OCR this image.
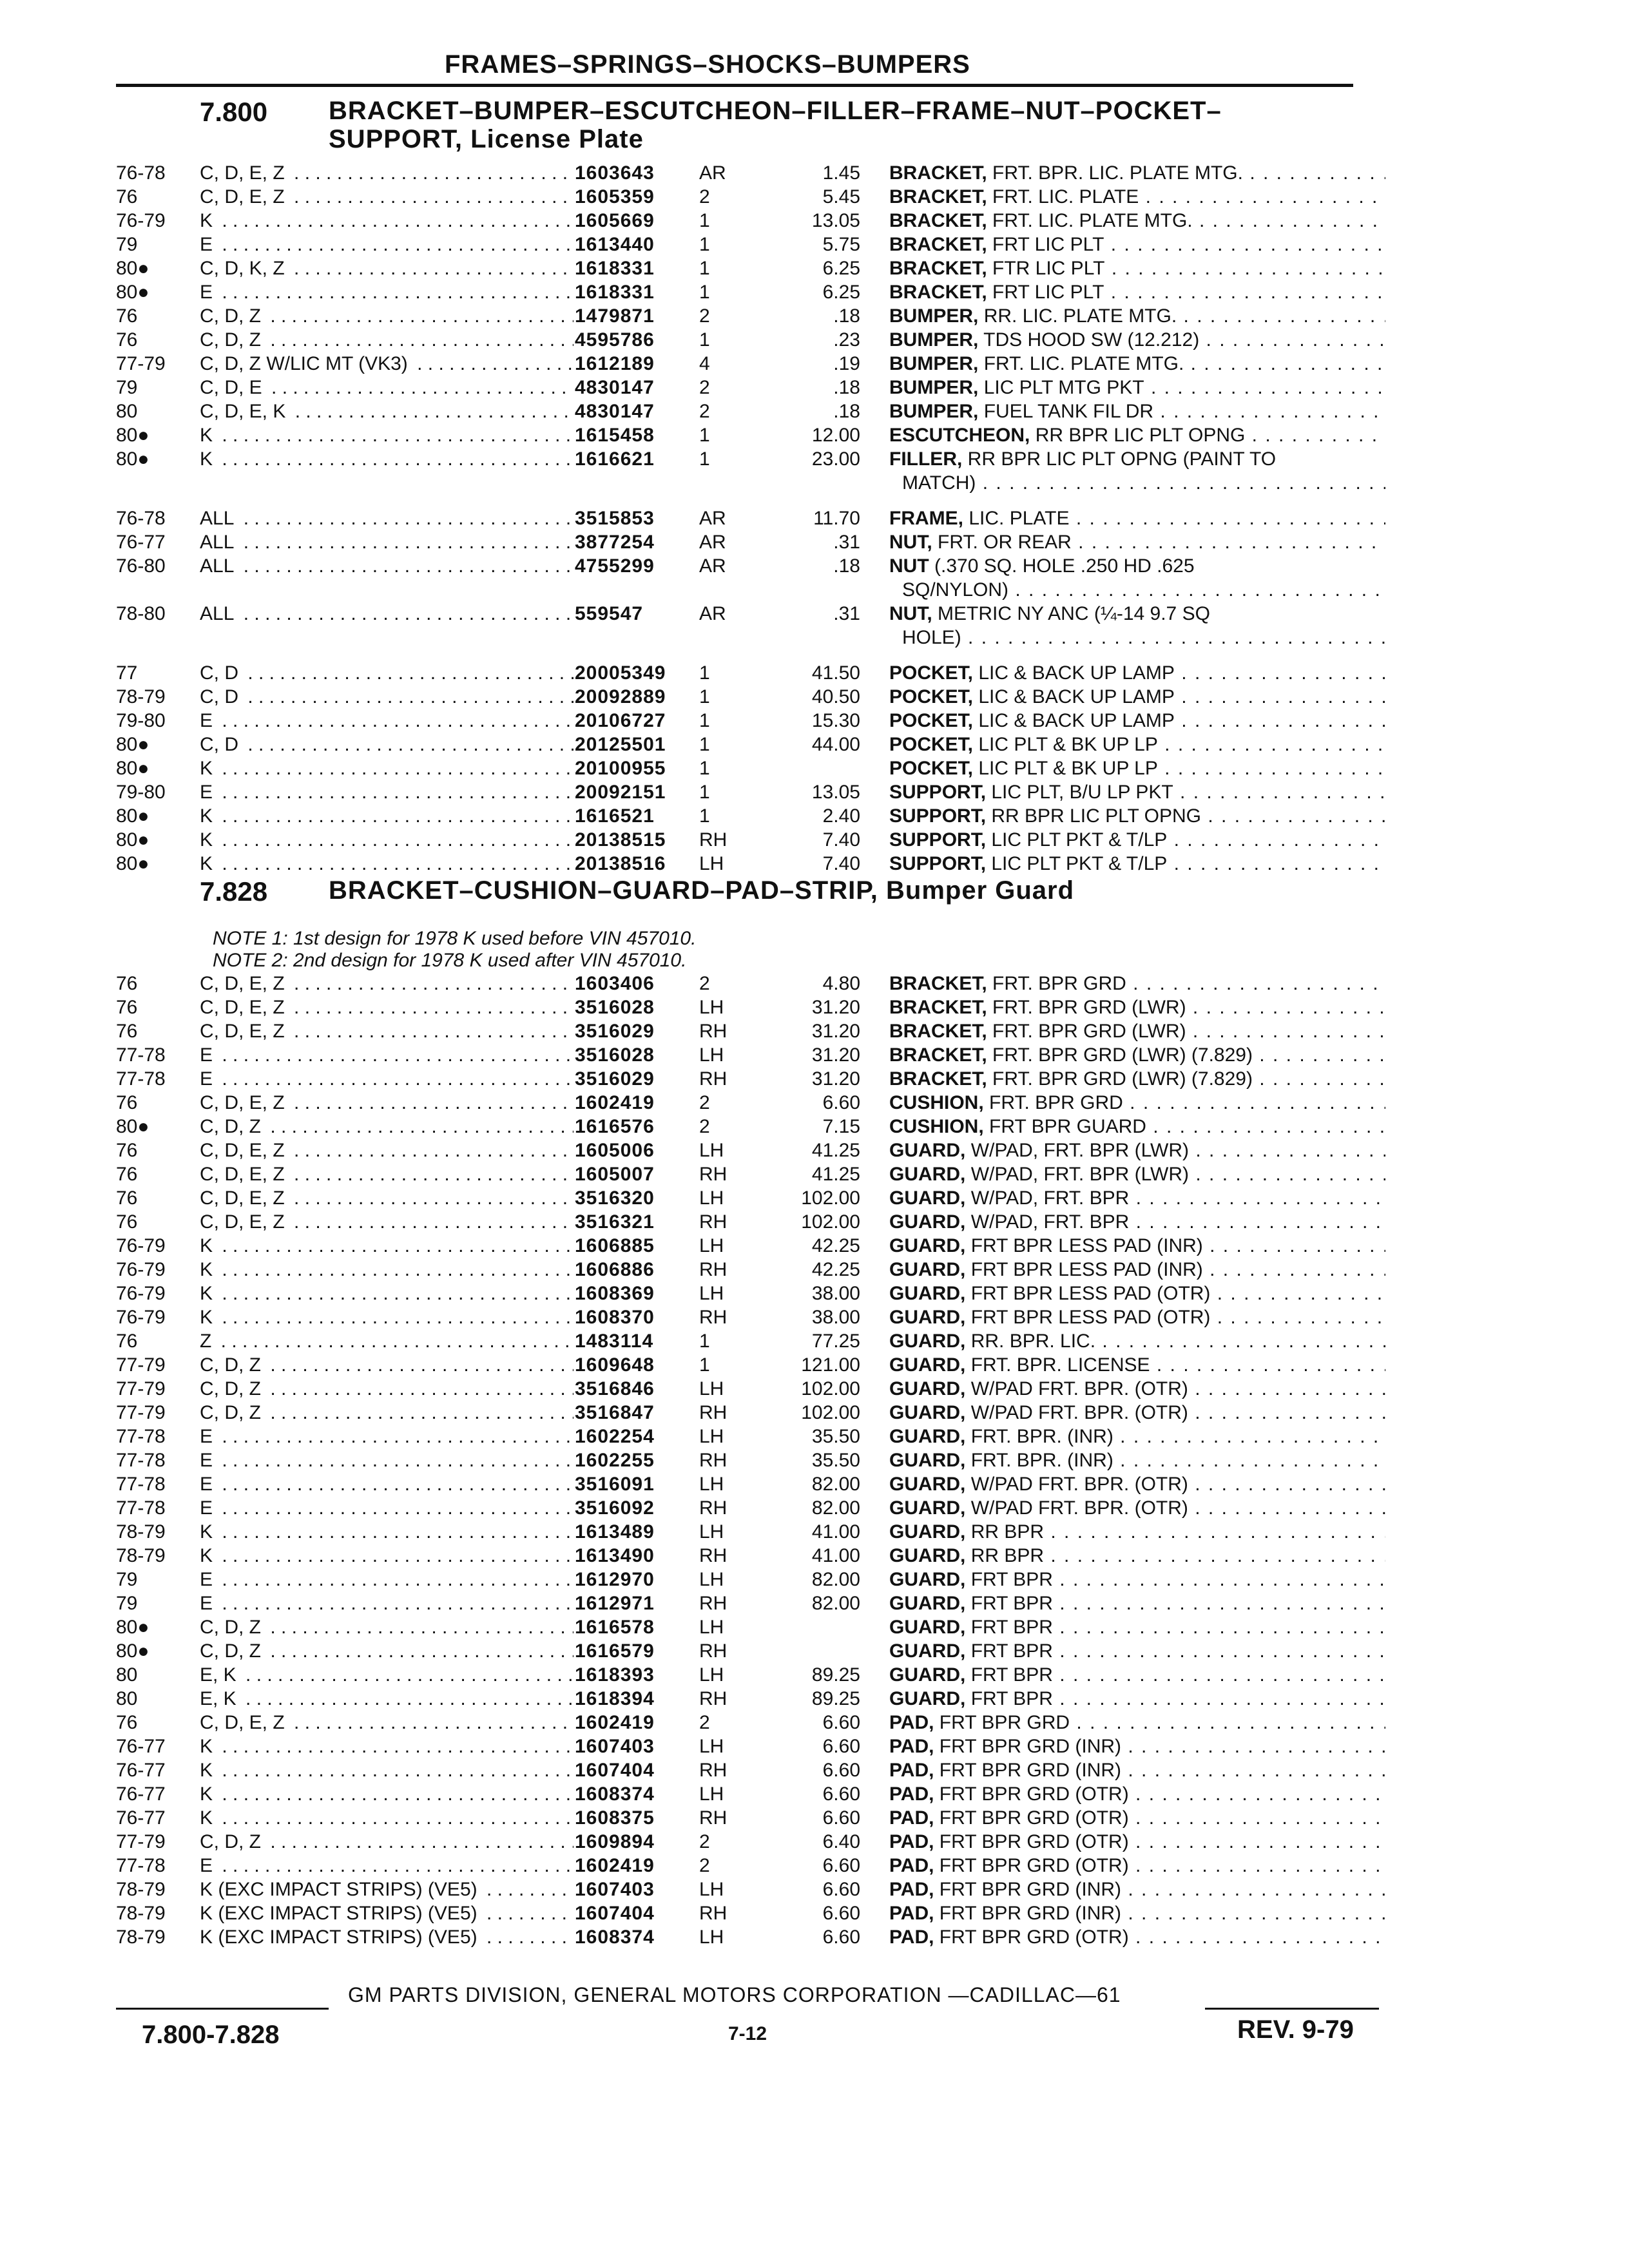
FRAMES–SPRINGS–SHOCKS–BUMPERS
7.800 BRACKET–BUMPER–ESCUTCHEON–FILLER–FRAME–NUT–POCKET–
SUPPORT, License Plate
76-78	C, D, E, Z . . .	1603643	AR	1.45 BRACKET, FRT. BPR. LIC. PLATE MTG. . . .
76	C, D, E, Z . . .	1605359	2	5.45 BRACKET, FRT. LIC. PLATE . . .
76-79	K . . .	1605669	1	13.05 BRACKET, FRT. LIC. PLATE MTG. . . .
79	E . . .	1613440	1	5.75 BRACKET, FRT LIC PLT . . .
80●	C, D, K, Z . . .	1618331	1	6.25 BRACKET, FTR LIC PLT . . .
80●	E . . .	1618331	1	6.25 BRACKET, FRT LIC PLT . . .
76	C, D, Z . . .	1479871	2	.18 BUMPER, RR. LIC. PLATE MTG. . . .
76	C, D, Z . . .	4595786	1	.23 BUMPER, TDS HOOD SW (12.212) . . .
77-79	C, D, Z W/LIC MT (VK3) . . .	1612189	4	.19 BUMPER, FRT. LIC. PLATE MTG. . . .
79	C, D, E . . .	4830147	2	.18 BUMPER, LIC PLT MTG PKT . . .
80	C, D, E, K . . .	4830147	2	.18 BUMPER, FUEL TANK FIL DR . . .
80●	K . . .	1615458	1	12.00 ESCUTCHEON, RR BPR LIC PLT OPNG . . .
80●	K . . .	1616621	1	23.00 FILLER, RR BPR LIC PLT OPNG (PAINT TO
MATCH) . . .
76-78	ALL . . .	3515853	AR	11.70 FRAME, LIC. PLATE . . .
76-77	ALL . . .	3877254	AR	.31 NUT, FRT. OR REAR . . .
76-80	ALL . . .	4755299	AR	.18 NUT (.370 SQ. HOLE .250 HD .625
SQ/NYLON) . . .
78-80	ALL . . .	559547	AR	.31 NUT, METRIC NY ANC (¼-14 9.7 SQ
HOLE) . . .
77	C, D . . .	20005349	1	41.50 POCKET, LIC & BACK UP LAMP . . .
78-79	C, D . . .	20092889	1	40.50 POCKET, LIC & BACK UP LAMP . . .
79-80	E . . .	20106727	1	15.30 POCKET, LIC & BACK UP LAMP . . .
80●	C, D . . .	20125501	1	44.00 POCKET, LIC PLT & BK UP LP . . .
80●	K . . .	20100955	1	POCKET, LIC PLT & BK UP LP . . .
79-80	E . . .	20092151	1	13.05 SUPPORT, LIC PLT, B/U LP PKT . . .
80●	K . . .	1616521	1	2.40 SUPPORT, RR BPR LIC PLT OPNG . . .
80●	K . . .	20138515	RH	7.40 SUPPORT, LIC PLT PKT & T/LP . . .
80●	K . . .	20138516	LH	7.40 SUPPORT, LIC PLT PKT & T/LP . . .
7.828 BRACKET–CUSHION–GUARD–PAD–STRIP, Bumper Guard
NOTE 1: 1st design for 1978 K used before VIN 457010.
NOTE 2: 2nd design for 1978 K used after VIN 457010.
76	C, D, E, Z . . .	1603406	2	4.80 BRACKET, FRT. BPR GRD . . .
76	C, D, E, Z . . .	3516028	LH	31.20 BRACKET, FRT. BPR GRD (LWR) . . .
76	C, D, E, Z . . .	3516029	RH	31.20 BRACKET, FRT. BPR GRD (LWR) . . .
77-78	E . . .	3516028	LH	31.20 BRACKET, FRT. BPR GRD (LWR) (7.829) . . .
77-78	E . . .	3516029	RH	31.20 BRACKET, FRT. BPR GRD (LWR) (7.829) . . .
76	C, D, E, Z . . .	1602419	2	6.60 CUSHION, FRT. BPR GRD . . .
80●	C, D, Z . . .	1616576	2	7.15 CUSHION, FRT BPR GUARD . . .
76	C, D, E, Z . . .	1605006	LH	41.25 GUARD, W/PAD, FRT. BPR (LWR) . . .
76	C, D, E, Z . . .	1605007	RH	41.25 GUARD, W/PAD, FRT. BPR (LWR) . . .
76	C, D, E, Z . . .	3516320	LH	102.00 GUARD, W/PAD, FRT. BPR . . .
76	C, D, E, Z . . .	3516321	RH	102.00 GUARD, W/PAD, FRT. BPR . . .
76-79	K . . .	1606885	LH	42.25 GUARD, FRT BPR LESS PAD (INR) . . .
76-79	K . . .	1606886	RH	42.25 GUARD, FRT BPR LESS PAD (INR) . . .
76-79	K . . .	1608369	LH	38.00 GUARD, FRT BPR LESS PAD (OTR) . . .
76-79	K . . .	1608370	RH	38.00 GUARD, FRT BPR LESS PAD (OTR) . . .
76	Z . . .	1483114	1	77.25 GUARD, RR. BPR. LIC. . . .
77-79	C, D, Z . . .	1609648	1	121.00 GUARD, FRT. BPR. LICENSE . . .
77-79	C, D, Z . . .	3516846	LH	102.00 GUARD, W/PAD FRT. BPR. (OTR) . . .
77-79	C, D, Z . . .	3516847	RH	102.00 GUARD, W/PAD FRT. BPR. (OTR) . . .
77-78	E . . .	1602254	LH	35.50 GUARD, FRT. BPR. (INR) . . .
77-78	E . . .	1602255	RH	35.50 GUARD, FRT. BPR. (INR) . . .
77-78	E . . .	3516091	LH	82.00 GUARD, W/PAD FRT. BPR. (OTR) . . .
77-78	E . . .	3516092	RH	82.00 GUARD, W/PAD FRT. BPR. (OTR) . . .
78-79	K . . .	1613489	LH	41.00 GUARD, RR BPR . . .
78-79	K . . .	1613490	RH	41.00 GUARD, RR BPR . . .
79	E . . .	1612970	LH	82.00 GUARD, FRT BPR . . .
79	E . . .	1612971	RH	82.00 GUARD, FRT BPR . . .
80●	C, D, Z . . .	1616578	LH	GUARD, FRT BPR . . .
80●	C, D, Z . . .	1616579	RH	GUARD, FRT BPR . . .
80	E, K . . .	1618393	LH	89.25 GUARD, FRT BPR . . .
80	E, K . . .	1618394	RH	89.25 GUARD, FRT BPR . . .
76	C, D, E, Z . . .	1602419	2	6.60 PAD, FRT BPR GRD . . .
76-77	K . . .	1607403	LH	6.60 PAD, FRT BPR GRD (INR) . . .
76-77	K . . .	1607404	RH	6.60 PAD, FRT BPR GRD (INR) . . .
76-77	K . . .	1608374	LH	6.60 PAD, FRT BPR GRD (OTR) . . .
76-77	K . . .	1608375	RH	6.60 PAD, FRT BPR GRD (OTR) . . .
77-79	C, D, Z . . .	1609894	2	6.40 PAD, FRT BPR GRD (OTR) . . .
77-78	E . . .	1602419	2	6.60 PAD, FRT BPR GRD (OTR) . . .
78-79	K (EXC IMPACT STRIPS) (VE5) . . .	1607403	LH	6.60 PAD, FRT BPR GRD (INR) . . .
78-79	K (EXC IMPACT STRIPS) (VE5) . . .	1607404	RH	6.60 PAD, FRT BPR GRD (INR) . . .
78-79	K (EXC IMPACT STRIPS) (VE5) . . .	1608374	LH	6.60 PAD, FRT BPR GRD (OTR) . . .
GM PARTS DIVISION, GENERAL MOTORS CORPORATION —CADILLAC—61
7.800-7.828	7-12	REV. 9-79
